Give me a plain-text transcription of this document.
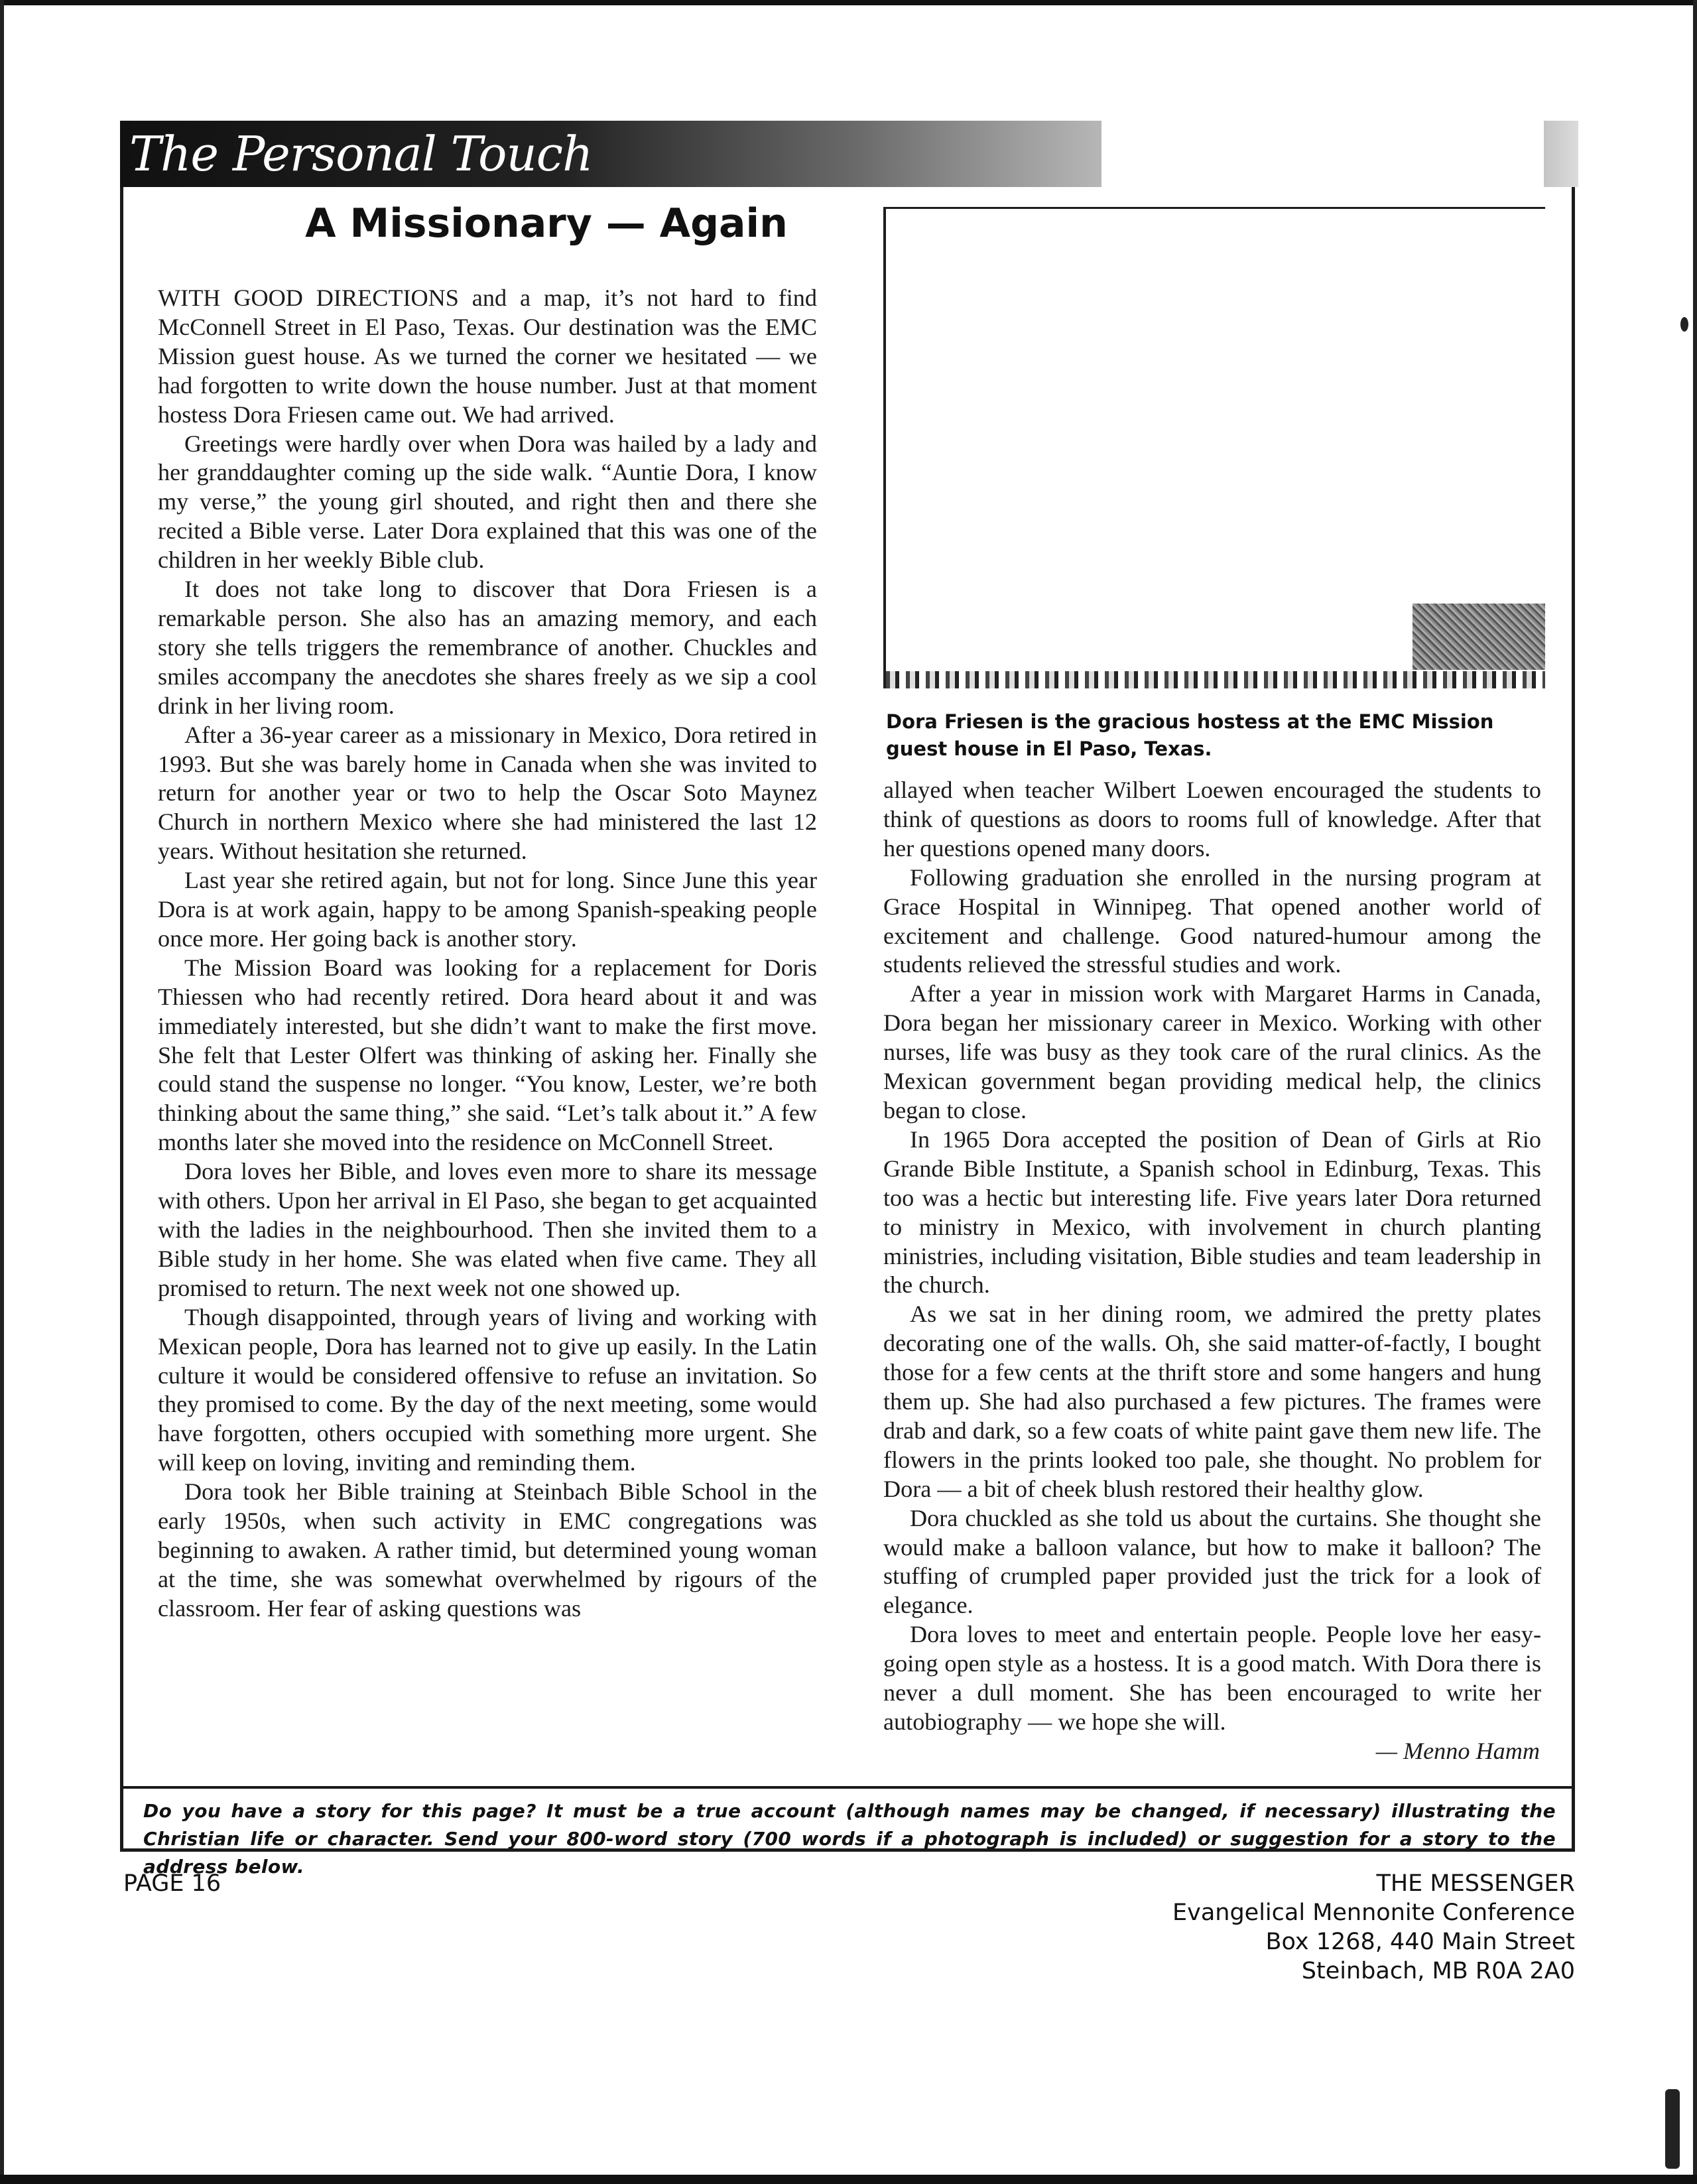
The Personal Touch
A Missionary — Again

WITH GOOD DIRECTIONS and a map, it’s not hard to find McConnell Street in El Paso, Texas. Our destination was the EMC Mission guest house. As we turned the corner we hesitated — we had forgotten to write down the house number. Just at that moment hostess Dora Friesen came out. We had arrived.

Greetings were hardly over when Dora was hailed by a lady and her granddaughter coming up the side walk. “Auntie Dora, I know my verse,” the young girl shouted, and right then and there she recited a Bible verse. Later Dora explained that this was one of the children in her weekly Bible club.

It does not take long to discover that Dora Friesen is a remarkable person. She also has an amazing memory, and each story she tells triggers the remembrance of another. Chuckles and smiles accompany the anecdotes she shares freely as we sip a cool drink in her living room.

After a 36-year career as a missionary in Mexico, Dora retired in 1993. But she was barely home in Canada when she was invited to return for another year or two to help the Oscar Soto Maynez Church in northern Mexico where she had ministered the last 12 years. Without hesitation she returned.

Last year she retired again, but not for long. Since June this year Dora is at work again, happy to be among Spanish-speaking people once more. Her going back is another story.

The Mission Board was looking for a replacement for Doris Thiessen who had recently retired. Dora heard about it and was immediately interested, but she didn’t want to make the first move. She felt that Lester Olfert was thinking of asking her. Finally she could stand the suspense no longer. “You know, Lester, we’re both thinking about the same thing,” she said. “Let’s talk about it.” A few months later she moved into the residence on McConnell Street.

Dora loves her Bible, and loves even more to share its message with others. Upon her arrival in El Paso, she began to get acquainted with the ladies in the neighbourhood. Then she invited them to a Bible study in her home. She was elated when five came. They all promised to return. The next week not one showed up.

Though disappointed, through years of living and working with Mexican people, Dora has learned not to give up easily. In the Latin culture it would be considered offensive to refuse an invitation. So they promised to come. By the day of the next meeting, some would have forgotten, others occupied with something more urgent. She will keep on loving, inviting and reminding them.

Dora took her Bible training at Steinbach Bible School in the early 1950s, when such activity in EMC congregations was beginning to awaken. A rather timid, but determined young woman at the time, she was somewhat overwhelmed by rigours of the classroom. Her fear of asking questions was

Dora Friesen is the gracious hostess at the EMC Mission guest house in El Paso, Texas.

allayed when teacher Wilbert Loewen encouraged the students to think of questions as doors to rooms full of knowledge. After that her questions opened many doors.

Following graduation she enrolled in the nursing program at Grace Hospital in Winnipeg. That opened another world of excitement and challenge. Good natured-humour among the students relieved the stressful studies and work.

After a year in mission work with Margaret Harms in Canada, Dora began her missionary career in Mexico. Working with other nurses, life was busy as they took care of the rural clinics. As the Mexican government began providing medical help, the clinics began to close.

In 1965 Dora accepted the position of Dean of Girls at Rio Grande Bible Institute, a Spanish school in Edinburg, Texas. This too was a hectic but interesting life. Five years later Dora returned to ministry in Mexico, with involvement in church planting ministries, including visitation, Bible studies and team leadership in the church.

As we sat in her dining room, we admired the pretty plates decorating one of the walls. Oh, she said matter-of-factly, I bought those for a few cents at the thrift store and some hangers and hung them up. She had also purchased a few pictures. The frames were drab and dark, so a few coats of white paint gave them new life. The flowers in the prints looked too pale, she thought. No problem for Dora — a bit of cheek blush restored their healthy glow.

Dora chuckled as she told us about the curtains. She thought she would make a balloon valance, but how to make it balloon? The stuffing of crumpled paper provided just the trick for a look of elegance.

Dora loves to meet and entertain people. People love her easy-going open style as a hostess. It is a good match. With Dora there is never a dull moment. She has been encouraged to write her autobiography — we hope she will.

— Menno Hamm

Do you have a story for this page? It must be a true account (although names may be changed, if necessary) illustrating the Christian life or character. Send your 800-word story (700 words if a photograph is included) or suggestion for a story to the address below.
PAGE 16	THE MESSENGER
Evangelical Mennonite Conference
Box 1268, 440 Main Street
Steinbach, MB R0A 2A0
